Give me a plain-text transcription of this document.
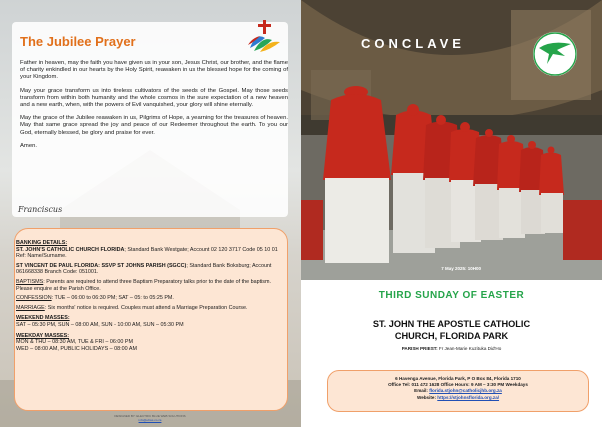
The Jubilee Prayer

Father in heaven, may the faith you have given us in your son, Jesus Christ, our brother, and the flame of charity enkindled in our hearts by the Holy Spirit, reawaken in us the blessed hope for the coming of your Kingdom.

May your grace transform us into tireless cultivators of the seeds of the Gospel. May those seeds transform from within both humanity and the whole cosmos in the sure expectation of a new heaven and a new earth, when, with the powers of Evil vanquished, your glory will shine eternally.

May the grace of the Jubilee reawaken in us, Pilgrims of Hope, a yearning for the treasures of heaven. May that same grace spread the joy and peace of our Redeemer throughout the earth. To you our God, eternally blessed, be glory and praise for ever.

Amen.

Franciscus
BANKING DETAILS:
ST. JOHN'S CATHOLIC CHURCH FLORIDA; Standard Bank Westgate; Account 02 120 3717 Code 05 10 01 Ref: Name/Surname.
ST VINCENT DE PAUL FLORIDA: SSVP ST JOHNS PARISH (SGCC); Standard Bank Boksburg; Account 061668338 Branch Code: 051001.
BAPTISMS: Parents are required to attend three Baptism Preparatory talks prior to the date of the baptism. Please enquire at the Parish Office.
CONFESSION: TUE – 06:00 to 06:30 PM; SAT – 05: to 05:25 PM.
MARRIAGE: Six months' notice is required. Couples must attend a Marriage Preparation Course.
WEEKEND MASSES:
SAT – 05:30 PM, SUN – 08:00 AM, SUN - 10:00 AM, SUN – 05:30 PM
WEEKDAY MASSES:
MON & THU – 08:30 AM, TUE & FRI – 06:00 PM
WED – 08:00 AM, PUBLIC HOLIDAYS – 08:00 AM
DESIGNED BY: ELECTRIC BLUE WEB SOLUTIONS
info@ebws.co.za
CONCLAVE
7 May 2025: 10H00
THIRD SUNDAY OF EASTER
ST. JOHN THE APOSTLE CATHOLIC
CHURCH, FLORIDA PARK
PARISH PRIEST: Fr Jean-Marie Kuzituka Did'Ho
6 Havenga Avenue, Florida Park, P O Box 84, Florida 1710
Office Tel: 011 472 1628 Office Hours: 9 AM – 3:30 PM Weekdays
Email: florida.stjohn@catholicjhb.org.za
Website: https://stjohnsflorida.org.za/
